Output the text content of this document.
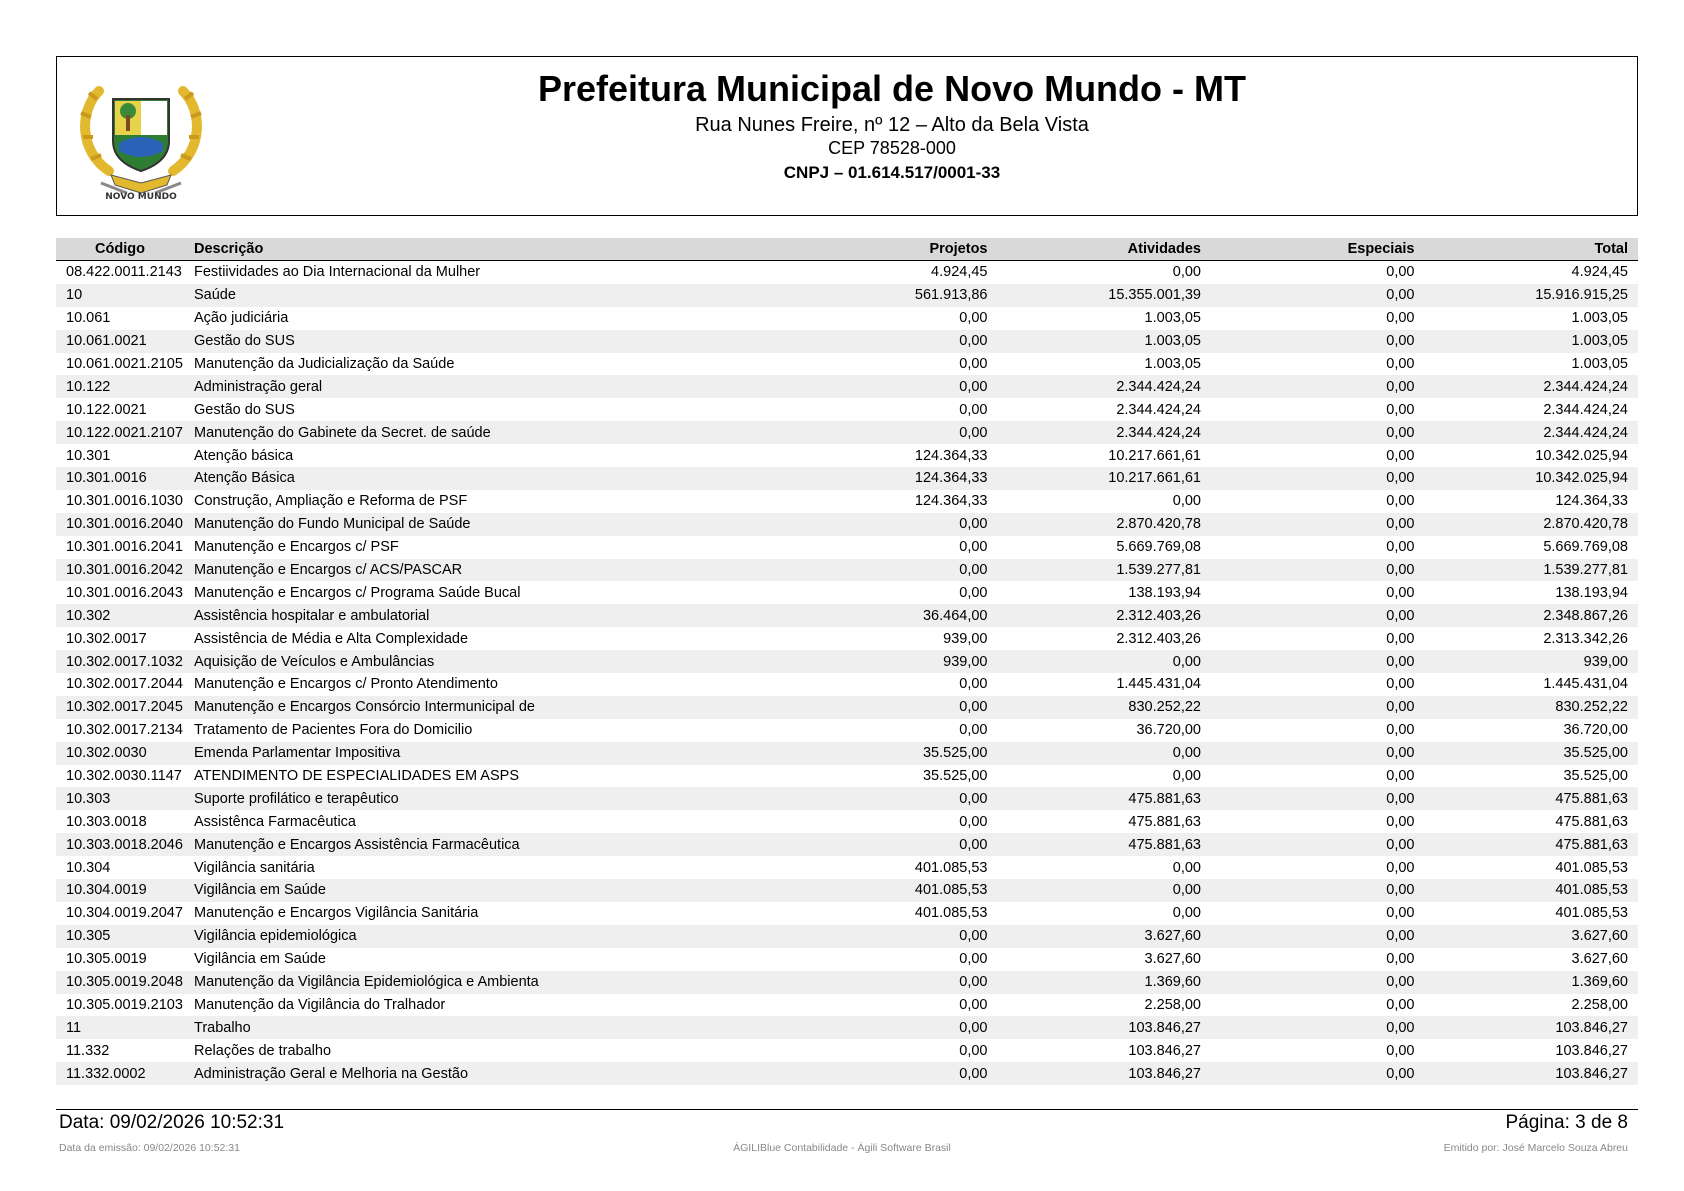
NOVO MUNDO
Prefeitura Municipal de Novo Mundo - MT
Rua Nunes Freire, nº 12 – Alto da Bela Vista
CEP 78528-000
CNPJ – 01.614.517/0001-33
Código	Descrição	Projetos	Atividades	Especiais	Total
08.422.0011.2143	Festiividades ao Dia Internacional da Mulher	4.924,45	0,00	0,00	4.924,45
10	Saúde	561.913,86	15.355.001,39	0,00	15.916.915,25
10.061	Ação judiciária	0,00	1.003,05	0,00	1.003,05
10.061.0021	Gestão do SUS	0,00	1.003,05	0,00	1.003,05
10.061.0021.2105	Manutenção da Judicialização da Saúde	0,00	1.003,05	0,00	1.003,05
10.122	Administração geral	0,00	2.344.424,24	0,00	2.344.424,24
10.122.0021	Gestão do SUS	0,00	2.344.424,24	0,00	2.344.424,24
10.122.0021.2107	Manutenção do Gabinete da Secret. de saúde	0,00	2.344.424,24	0,00	2.344.424,24
10.301	Atenção básica	124.364,33	10.217.661,61	0,00	10.342.025,94
10.301.0016	Atenção Básica	124.364,33	10.217.661,61	0,00	10.342.025,94
10.301.0016.1030	Construção, Ampliação e Reforma de PSF	124.364,33	0,00	0,00	124.364,33
10.301.0016.2040	Manutenção do Fundo Municipal de Saúde	0,00	2.870.420,78	0,00	2.870.420,78
10.301.0016.2041	Manutenção e Encargos c/ PSF	0,00	5.669.769,08	0,00	5.669.769,08
10.301.0016.2042	Manutenção e Encargos c/ ACS/PASCAR	0,00	1.539.277,81	0,00	1.539.277,81
10.301.0016.2043	Manutenção e Encargos c/ Programa Saúde Bucal	0,00	138.193,94	0,00	138.193,94
10.302	Assistência hospitalar e ambulatorial	36.464,00	2.312.403,26	0,00	2.348.867,26
10.302.0017	Assistência de Média e Alta Complexidade	939,00	2.312.403,26	0,00	2.313.342,26
10.302.0017.1032	Aquisição de Veículos e Ambulâncias	939,00	0,00	0,00	939,00
10.302.0017.2044	Manutenção e Encargos c/ Pronto Atendimento	0,00	1.445.431,04	0,00	1.445.431,04
10.302.0017.2045	Manutenção e Encargos Consórcio Intermunicipal de	0,00	830.252,22	0,00	830.252,22
10.302.0017.2134	Tratamento de Pacientes Fora do Domicilio	0,00	36.720,00	0,00	36.720,00
10.302.0030	Emenda Parlamentar Impositiva	35.525,00	0,00	0,00	35.525,00
10.302.0030.1147	ATENDIMENTO DE ESPECIALIDADES EM ASPS	35.525,00	0,00	0,00	35.525,00
10.303	Suporte profilático e terapêutico	0,00	475.881,63	0,00	475.881,63
10.303.0018	Assistênca Farmacêutica	0,00	475.881,63	0,00	475.881,63
10.303.0018.2046	Manutenção e Encargos Assistência Farmacêutica	0,00	475.881,63	0,00	475.881,63
10.304	Vigilância sanitária	401.085,53	0,00	0,00	401.085,53
10.304.0019	Vigilância em Saúde	401.085,53	0,00	0,00	401.085,53
10.304.0019.2047	Manutenção e Encargos Vigilância Sanitária	401.085,53	0,00	0,00	401.085,53
10.305	Vigilância epidemiológica	0,00	3.627,60	0,00	3.627,60
10.305.0019	Vigilância em Saúde	0,00	3.627,60	0,00	3.627,60
10.305.0019.2048	Manutenção da Vigilância Epidemiológica e Ambienta	0,00	1.369,60	0,00	1.369,60
10.305.0019.2103	Manutenção da Vigilância do Tralhador	0,00	2.258,00	0,00	2.258,00
11	Trabalho	0,00	103.846,27	0,00	103.846,27
11.332	Relações de trabalho	0,00	103.846,27	0,00	103.846,27
11.332.0002	Administração Geral e Melhoria na Gestão	0,00	103.846,27	0,00	103.846,27
Data: 09/02/2026 10:52:31	Página: 3 de 8
Data da emissão: 09/02/2026 10:52:31	ÁGILIBlue Contabilidade - Ágili Software Brasil	Emitido por: José Marcelo Souza Abreu
